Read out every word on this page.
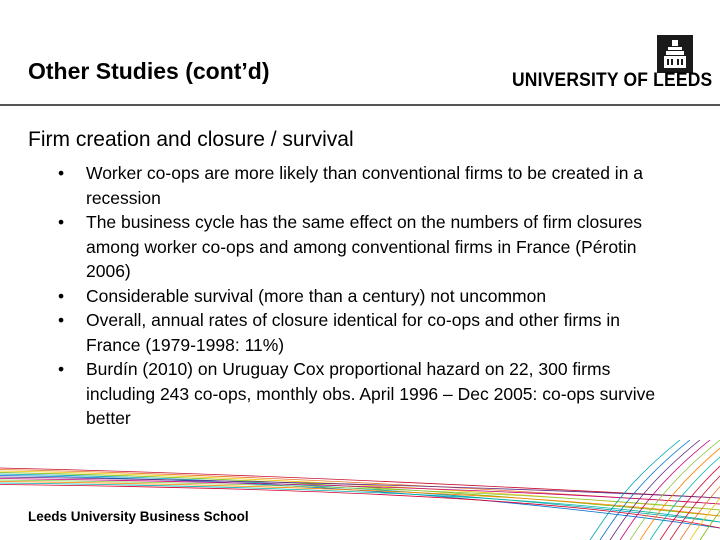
Other Studies (cont’d)	UNIVERSITY OF LEEDS
Firm creation and closure / survival
• Worker co-ops are more likely than conventional firms to be created in a recession
• The business cycle has the same effect on the numbers of firm closures among worker co-ops and among conventional firms in France (Pérotin 2006)
• Considerable survival (more than a century) not uncommon
• Overall, annual rates of closure identical for co-ops and other firms in France (1979-1998: 11%)
• Burdín (2010) on Uruguay Cox proportional hazard on 22, 300 firms including 243 co-ops, monthly obs. April 1996 – Dec 2005: co-ops survive better
Leeds University Business School
